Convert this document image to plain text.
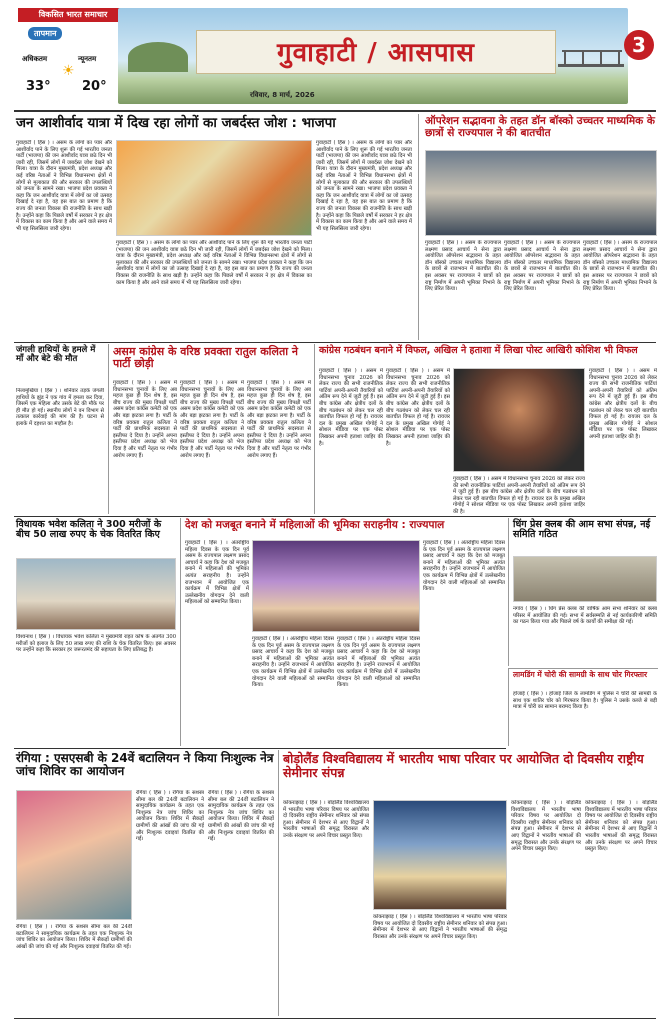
विकसित भारत समाचार
तापमान
अधिकतम	न्यूनतम
33° 20°
☀
गुवाहाटी / आसपास	3
रविवार, 8 मार्च, 2026
जन आशीर्वाद यात्रा में दिख रहा लोगों का जबर्दस्त जोश : भाजपा
गुवाहाटी ( हिंस ) । असम के लोगों का प्यार और आशीर्वाद पाने के लिए शुरू की गई भारतीय जनता पार्टी (भाजपा) की जन आशीर्वाद यात्रा छठे दिन भी जारी रही, जिसमें लोगों में जबर्दस्त जोश देखने को मिला। यात्रा के दौरान मुख्यमंत्री, प्रदेश अध्यक्ष और कई वरिष्ठ नेताओं ने विभिन्न विधानसभा क्षेत्रों में लोगों से मुलाकात की और सरकार की उपलब्धियों को जनता के सामने रखा। भाजपा प्रदेश प्रवक्ता ने कहा कि जन आशीर्वाद यात्रा में लोगों का जो उत्साह दिखाई दे रहा है, वह इस बात का प्रमाण है कि राज्य की जनता विकास की राजनीति के साथ खड़ी है। उन्होंने कहा कि पिछले वर्षों में सरकार ने हर क्षेत्र में विकास का काम किया है और आने वाले समय में भी यह सिलसिला जारी रहेगा।
गुवाहाटी ( हिंस ) । असम के लोगों का प्यार और आशीर्वाद पाने के लिए शुरू की गई भारतीय जनता पार्टी (भाजपा) की जन आशीर्वाद यात्रा छठे दिन भी जारी रही, जिसमें लोगों में जबर्दस्त जोश देखने को मिला। यात्रा के दौरान मुख्यमंत्री, प्रदेश अध्यक्ष और कई वरिष्ठ नेताओं ने विभिन्न विधानसभा क्षेत्रों में लोगों से मुलाकात की और सरकार की उपलब्धियों को जनता के सामने रखा। भाजपा प्रदेश प्रवक्ता ने कहा कि जन आशीर्वाद यात्रा में लोगों का जो उत्साह दिखाई दे रहा है, वह इस बात का प्रमाण है कि राज्य की जनता विकास की राजनीति के साथ खड़ी है। उन्होंने कहा कि पिछले वर्षों में सरकार ने हर क्षेत्र में विकास का काम किया है और आने वाले समय में भी यह सिलसिला जारी रहेगा।
गुवाहाटी ( हिंस ) । असम के लोगों का प्यार और आशीर्वाद पाने के लिए शुरू की गई भारतीय जनता पार्टी (भाजपा) की जन आशीर्वाद यात्रा छठे दिन भी जारी रही, जिसमें लोगों में जबर्दस्त जोश देखने को मिला। यात्रा के दौरान मुख्यमंत्री, प्रदेश अध्यक्ष और कई वरिष्ठ नेताओं ने विभिन्न विधानसभा क्षेत्रों में लोगों से मुलाकात की और सरकार की उपलब्धियों को जनता के सामने रखा। भाजपा प्रदेश प्रवक्ता ने कहा कि जन आशीर्वाद यात्रा में लोगों का जो उत्साह दिखाई दे रहा है, वह इस बात का प्रमाण है कि राज्य की जनता विकास की राजनीति के साथ खड़ी है। उन्होंने कहा कि पिछले वर्षों में सरकार ने हर क्षेत्र में विकास का काम किया है और आने वाले समय में भी यह सिलसिला जारी रहेगा।
ऑपरेशन सद्भावना के तहत डॉन बॉस्को उच्चतर माध्यमिक के छात्रों से राज्यपाल ने की बातचीत
गुवाहाटी ( हिंस ) । असम के राज्यपाल लक्ष्मण प्रसाद आचार्य ने सेना द्वारा आयोजित ऑपरेशन सद्भावना के तहत डॉन बॉस्को उच्चतर माध्यमिक विद्यालय के छात्रों से राजभवन में बातचीत की। इस अवसर पर राज्यपाल ने छात्रों को राष्ट्र निर्माण में अपनी भूमिका निभाने के लिए प्रेरित किया।
गुवाहाटी ( हिंस ) । असम के राज्यपाल लक्ष्मण प्रसाद आचार्य ने सेना द्वारा आयोजित ऑपरेशन सद्भावना के तहत डॉन बॉस्को उच्चतर माध्यमिक विद्यालय के छात्रों से राजभवन में बातचीत की। इस अवसर पर राज्यपाल ने छात्रों को राष्ट्र निर्माण में अपनी भूमिका निभाने के लिए प्रेरित किया।
गुवाहाटी ( हिंस ) । असम के राज्यपाल लक्ष्मण प्रसाद आचार्य ने सेना द्वारा आयोजित ऑपरेशन सद्भावना के तहत डॉन बॉस्को उच्चतर माध्यमिक विद्यालय के छात्रों से राजभवन में बातचीत की। इस अवसर पर राज्यपाल ने छात्रों को राष्ट्र निर्माण में अपनी भूमिका निभाने के लिए प्रेरित किया।
जंगली हाथियों के हमले में माँ और बेटे की मौत
निलामुखिया ( हिंस ) । शनिवार तड़के जंगली हाथियों के झुंड ने एक गांव में हमला कर दिया, जिसमें एक महिला और उसके बेटे की मौके पर ही मौत हो गई। स्थानीय लोगों ने वन विभाग से तत्काल कार्रवाई की मांग की है। घटना से इलाके में दहशत का माहौल है।
असम कांग्रेस के वरिष्ठ प्रवक्ता रातुल कलिता ने पार्टी छोड़ी
गुवाहाटी ( हिंस ) । असम में विधानसभा चुनावों के लिए अब महज कुछ ही दिन शेष है, इस बीच राज्य की मुख्य विपक्षी पार्टी असम प्रदेश कांग्रेस कमेटी को एक और बड़ा झटका लगा है। पार्टी के वरिष्ठ प्रवक्ता रातुल कलिता ने पार्टी की प्राथमिक सदस्यता से इस्तीफा दे दिया है। उन्होंने अपना इस्तीफा प्रदेश अध्यक्ष को भेज दिया है और पार्टी नेतृत्व पर गंभीर आरोप लगाए हैं।
गुवाहाटी ( हिंस ) । असम में विधानसभा चुनावों के लिए अब महज कुछ ही दिन शेष है, इस बीच राज्य की मुख्य विपक्षी पार्टी असम प्रदेश कांग्रेस कमेटी को एक और बड़ा झटका लगा है। पार्टी के वरिष्ठ प्रवक्ता रातुल कलिता ने पार्टी की प्राथमिक सदस्यता से इस्तीफा दे दिया है। उन्होंने अपना इस्तीफा प्रदेश अध्यक्ष को भेज दिया है और पार्टी नेतृत्व पर गंभीर आरोप लगाए हैं।
गुवाहाटी ( हिंस ) । असम में विधानसभा चुनावों के लिए अब महज कुछ ही दिन शेष है, इस बीच राज्य की मुख्य विपक्षी पार्टी असम प्रदेश कांग्रेस कमेटी को एक और बड़ा झटका लगा है। पार्टी के वरिष्ठ प्रवक्ता रातुल कलिता ने पार्टी की प्राथमिक सदस्यता से इस्तीफा दे दिया है। उन्होंने अपना इस्तीफा प्रदेश अध्यक्ष को भेज दिया है और पार्टी नेतृत्व पर गंभीर आरोप लगाए हैं।
कांग्रेस गठबंधन बनाने में विफल, अखिल ने हताशा में लिखा पोस्ट आखिरी कोशिश भी विफल
गुवाहाटी ( हिंस ) । असम में विधानसभा चुनाव 2026 को लेकर राज्य की सभी राजनीतिक पार्टियां अपनी-अपनी तैयारियों को अंतिम रूप देने में जुटी हुई हैं। इस बीच कांग्रेस और क्षेत्रीय दलों के बीच गठबंधन को लेकर चल रही बातचीत विफल हो गई है। रायजर दल के प्रमुख अखिल गोगोई ने सोशल मीडिया पर एक पोस्ट लिखकर अपनी हताशा जाहिर की है।
गुवाहाटी ( हिंस ) । असम में विधानसभा चुनाव 2026 को लेकर राज्य की सभी राजनीतिक पार्टियां अपनी-अपनी तैयारियों को अंतिम रूप देने में जुटी हुई हैं। इस बीच कांग्रेस और क्षेत्रीय दलों के बीच गठबंधन को लेकर चल रही बातचीत विफल हो गई है। रायजर दल के प्रमुख अखिल गोगोई ने सोशल मीडिया पर एक पोस्ट लिखकर अपनी हताशा जाहिर की है।
गुवाहाटी ( हिंस ) । असम में विधानसभा चुनाव 2026 को लेकर राज्य की सभी राजनीतिक पार्टियां अपनी-अपनी तैयारियों को अंतिम रूप देने में जुटी हुई हैं। इस बीच कांग्रेस और क्षेत्रीय दलों के बीच गठबंधन को लेकर चल रही बातचीत विफल हो गई है। रायजर दल के प्रमुख अखिल गोगोई ने सोशल मीडिया पर एक पोस्ट लिखकर अपनी हताशा जाहिर की है।
गुवाहाटी ( हिंस ) । असम में विधानसभा चुनाव 2026 को लेकर राज्य की सभी राजनीतिक पार्टियां अपनी-अपनी तैयारियों को अंतिम रूप देने में जुटी हुई हैं। इस बीच कांग्रेस और क्षेत्रीय दलों के बीच गठबंधन को लेकर चल रही बातचीत विफल हो गई है। रायजर दल के प्रमुख अखिल गोगोई ने सोशल मीडिया पर एक पोस्ट लिखकर अपनी हताशा जाहिर की है।
विधायक भवेश कलिता ने 300 मरीजों के बीच 50 लाख रुपए के चेक वितरित किए
विश्वनाथ ( हिंस ) । विधायक भवेश कलिता ने मुख्यमंत्री राहत कोष के अंतर्गत 300 मरीजों को इलाज के लिए 50 लाख रुपए की राशि के चेक वितरित किए। इस अवसर पर उन्होंने कहा कि सरकार हर जरूरतमंद की सहायता के लिए प्रतिबद्ध है।
देश को मजबूत बनाने में महिलाओं की भूमिका सराहनीय : राज्यपाल
गुवाहाटी ( हिंस ) । अंतर्राष्ट्रीय महिला दिवस के एक दिन पूर्व असम के राज्यपाल लक्ष्मण प्रसाद आचार्य ने कहा कि देश को मजबूत बनाने में महिलाओं की भूमिका अत्यंत सराहनीय है। उन्होंने राजभवन में आयोजित एक कार्यक्रम में विभिन्न क्षेत्रों में उल्लेखनीय योगदान देने वाली महिलाओं को सम्मानित किया।
गुवाहाटी ( हिंस ) । अंतर्राष्ट्रीय महिला दिवस के एक दिन पूर्व असम के राज्यपाल लक्ष्मण प्रसाद आचार्य ने कहा कि देश को मजबूत बनाने में महिलाओं की भूमिका अत्यंत सराहनीय है। उन्होंने राजभवन में आयोजित एक कार्यक्रम में विभिन्न क्षेत्रों में उल्लेखनीय योगदान देने वाली महिलाओं को सम्मानित किया।
गुवाहाटी ( हिंस ) । अंतर्राष्ट्रीय महिला दिवस के एक दिन पूर्व असम के राज्यपाल लक्ष्मण प्रसाद आचार्य ने कहा कि देश को मजबूत बनाने में महिलाओं की भूमिका अत्यंत सराहनीय है। उन्होंने राजभवन में आयोजित एक कार्यक्रम में विभिन्न क्षेत्रों में उल्लेखनीय योगदान देने वाली महिलाओं को सम्मानित किया।
गुवाहाटी ( हिंस ) । अंतर्राष्ट्रीय महिला दिवस के एक दिन पूर्व असम के राज्यपाल लक्ष्मण प्रसाद आचार्य ने कहा कि देश को मजबूत बनाने में महिलाओं की भूमिका अत्यंत सराहनीय है। उन्होंने राजभवन में आयोजित एक कार्यक्रम में विभिन्न क्षेत्रों में उल्लेखनीय योगदान देने वाली महिलाओं को सम्मानित किया।
धिंग प्रेस क्लब की आम सभा संपन्न, नई समिति गठित
नगांव ( हिंस ) । धिंग प्रेस क्लब की वार्षिक आम सभा शनिवार को क्लब परिसर में आयोजित की गई। सभा में सर्वसम्मति से नई कार्यकारिणी समिति का गठन किया गया और पिछले वर्ष के कार्यों की समीक्षा की गई।
लामडिंग में चोरी की सामग्री के साथ चोर गिरफ्तार
होजाई ( हिंस ) । होजाई जिले के लामडिंग में पुलिस ने चोरी की सामग्री के साथ एक शातिर चोर को गिरफ्तार किया है। पुलिस ने उसके कब्जे से बड़ी मात्रा में चोरी का सामान बरामद किया है।
रंगिया : एसएसबी के 24वें बटालियन ने किया निःशुल्क नेत्र जांच शिविर का आयोजन
रंगिया ( हिंस ) । रंगिया के सशस्त्र सीमा बल की 24वीं बटालियन ने सामुदायिक कार्यक्रम के तहत एक निःशुल्क नेत्र जांच शिविर का आयोजन किया। शिविर में सैकड़ों ग्रामीणों की आंखों की जांच की गई और निःशुल्क दवाइयां वितरित की गईं।
रंगिया ( हिंस ) । रंगिया के सशस्त्र सीमा बल की 24वीं बटालियन ने सामुदायिक कार्यक्रम के तहत एक निःशुल्क नेत्र जांच शिविर का आयोजन किया। शिविर में सैकड़ों ग्रामीणों की आंखों की जांच की गई और निःशुल्क दवाइयां वितरित की गईं।
रंगिया ( हिंस ) । रंगिया के सशस्त्र सीमा बल की 24वीं बटालियन ने सामुदायिक कार्यक्रम के तहत एक निःशुल्क नेत्र जांच शिविर का आयोजन किया। शिविर में सैकड़ों ग्रामीणों की आंखों की जांच की गई और निःशुल्क दवाइयां वितरित की गईं।
बोड़ोलैंड विश्वविद्यालय में भारतीय भाषा परिवार पर आयोजित दो दिवसीय राष्ट्रीय सेमीनार संपन्न
कोकराझाड़ ( हिंस ) । बोड़ोलैंड विश्वविद्यालय में भारतीय भाषा परिवार विषय पर आयोजित दो दिवसीय राष्ट्रीय सेमीनार शनिवार को संपन्न हुआ। सेमीनार में देशभर से आए विद्वानों ने भारतीय भाषाओं की समृद्ध विरासत और उनके संरक्षण पर अपने विचार प्रस्तुत किए।
कोकराझाड़ ( हिंस ) । बोड़ोलैंड विश्वविद्यालय में भारतीय भाषा परिवार विषय पर आयोजित दो दिवसीय राष्ट्रीय सेमीनार शनिवार को संपन्न हुआ। सेमीनार में देशभर से आए विद्वानों ने भारतीय भाषाओं की समृद्ध विरासत और उनके संरक्षण पर अपने विचार प्रस्तुत किए।
कोकराझाड़ ( हिंस ) । बोड़ोलैंड विश्वविद्यालय में भारतीय भाषा परिवार विषय पर आयोजित दो दिवसीय राष्ट्रीय सेमीनार शनिवार को संपन्न हुआ। सेमीनार में देशभर से आए विद्वानों ने भारतीय भाषाओं की समृद्ध विरासत और उनके संरक्षण पर अपने विचार प्रस्तुत किए।
कोकराझाड़ ( हिंस ) । बोड़ोलैंड विश्वविद्यालय में भारतीय भाषा परिवार विषय पर आयोजित दो दिवसीय राष्ट्रीय सेमीनार शनिवार को संपन्न हुआ। सेमीनार में देशभर से आए विद्वानों ने भारतीय भाषाओं की समृद्ध विरासत और उनके संरक्षण पर अपने विचार प्रस्तुत किए।
